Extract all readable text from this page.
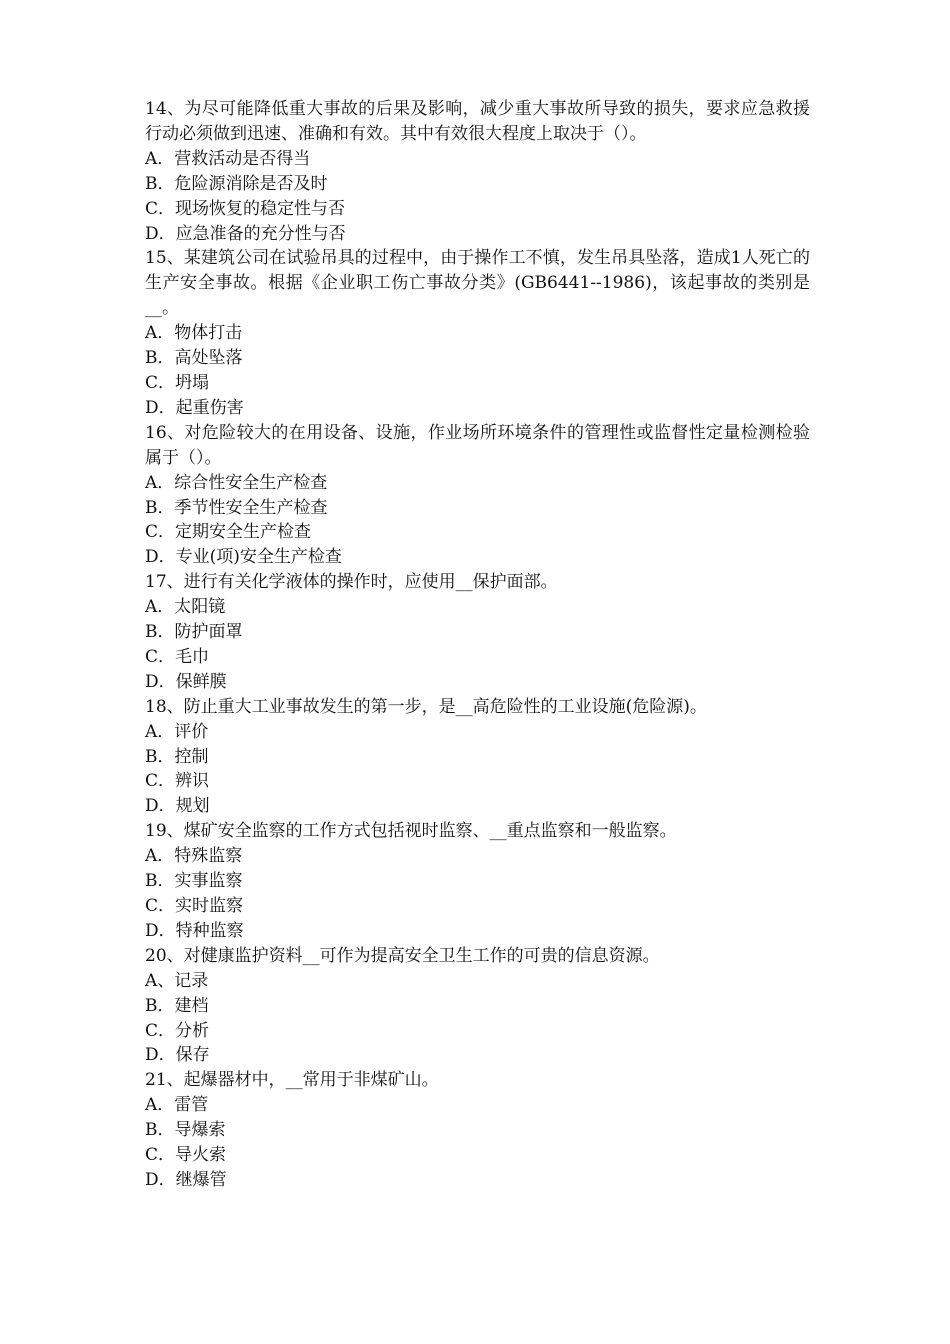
14、为尽可能降低重大事故的后果及影响，减少重大事故所导致的损失，要求应急救援行动必须做到迅速、准确和有效。其中有效很大程度上取决于（）。
A．营救活动是否得当
B．危险源消除是否及时
C．现场恢复的稳定性与否
D．应急准备的充分性与否
15、某建筑公司在试验吊具的过程中，由于操作工不慎，发生吊具坠落，造成1人死亡的生产安全事故。根据《企业职工伤亡事故分类》(GB6441--1986)，该起事故的类别是__。
A．物体打击
B．高处坠落
C．坍塌
D．起重伤害
16、对危险较大的在用设备、设施，作业场所环境条件的管理性或监督性定量检测检验属于（）。
A．综合性安全生产检查
B．季节性安全生产检查
C．定期安全生产检查
D．专业(项)安全生产检查
17、进行有关化学液体的操作时，应使用__保护面部。
A．太阳镜
B．防护面罩
C．毛巾
D．保鲜膜
18、防止重大工业事故发生的第一步，是__高危险性的工业设施(危险源)。
A．评价
B．控制
C．辨识
D．规划
19、煤矿安全监察的工作方式包括视时监察、__重点监察和一般监察。
A．特殊监察
B．实事监察
C．实时监察
D．特种监察
20、对健康监护资料__可作为提高安全卫生工作的可贵的信息资源。
A、记录
B．建档
C．分析
D．保存
21、起爆器材中，__常用于非煤矿山。
A．雷管
B．导爆索
C．导火索
D．继爆管
